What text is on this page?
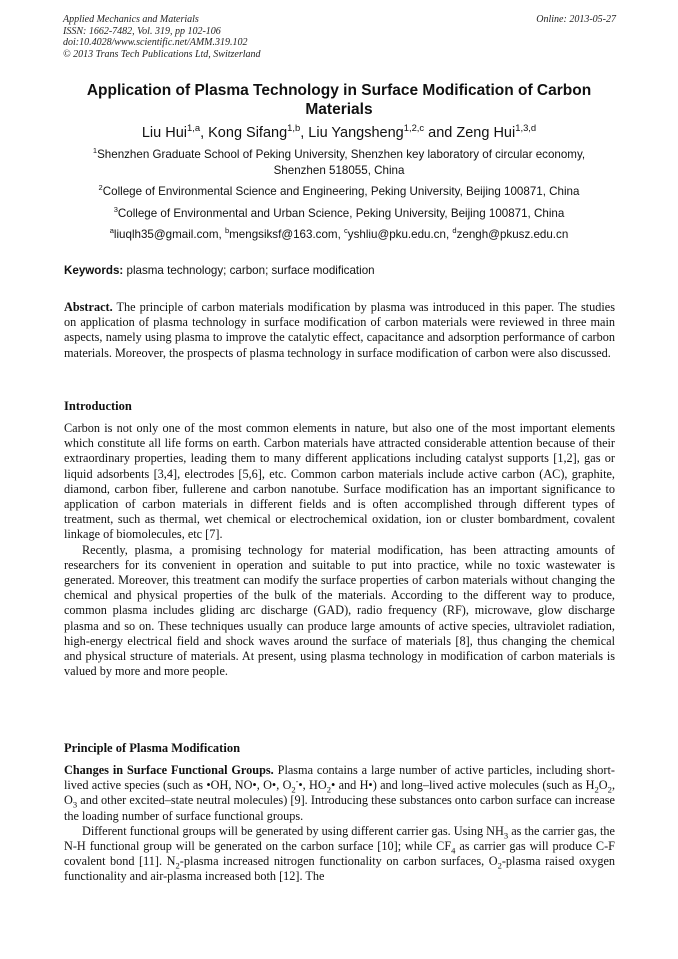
Applied Mechanics and Materials
ISSN: 1662-7482, Vol. 319, pp 102-106
doi:10.4028/www.scientific.net/AMM.319.102
© 2013 Trans Tech Publications Ltd, Switzerland
Online: 2013-05-27
Application of Plasma Technology in Surface Modification of Carbon Materials
Liu Hui$^{1,a}$, Kong Sifang$^{1,b}$, Liu Yangsheng$^{1,2,c}$ and Zeng Hui$^{1,3,d}$
$^1$Shenzhen Graduate School of Peking University, Shenzhen key laboratory of circular economy,
Shenzhen 518055, China
$^2$College of Environmental Science and Engineering, Peking University, Beijing 100871, China
$^3$College of Environmental and Urban Science, Peking University, Beijing 100871, China
$^a$liuqlh35@gmail.com, $^b$mengsiksf@163.com, $^c$yshliu@pku.edu.cn, $^d$zengh@pkusz.edu.cn
Keywords: plasma technology; carbon; surface modification

Abstract. The principle of carbon materials modification by plasma was introduced in this paper. The studies on application of plasma technology in surface modification of carbon materials were reviewed in three main aspects, namely using plasma to improve the catalytic effect, capacitance and adsorption performance of carbon materials. Moreover, the prospects of plasma technology in surface modification of carbon were also discussed.

Introduction

Carbon is not only one of the most common elements in nature, but also one of the most important elements which constitute all life forms on earth. Carbon materials have attracted considerable attention because of their extraordinary properties, leading them to many different applications including catalyst supports [1,2], gas or liquid adsorbents [3,4], electrodes [5,6], etc. Common carbon materials include active carbon (AC), graphite, diamond, carbon fiber, fullerene and carbon nanotube. Surface modification has an important significance to application of carbon materials in different fields and is often accomplished through different types of treatment, such as thermal, wet chemical or electrochemical oxidation, ion or cluster bombardment, covalent linkage of biomolecules, etc [7].

Recently, plasma, a promising technology for material modification, has been attracting amounts of researchers for its convenient in operation and suitable to put into practice, while no toxic wastewater is generated. Moreover, this treatment can modify the surface properties of carbon materials without changing the chemical and physical properties of the bulk of the materials. According to the different way to produce, common plasma includes gliding arc discharge (GAD), radio frequency (RF), microwave, glow discharge plasma and so on. These techniques usually can produce large amounts of active species, ultraviolet radiation, high-energy electrical field and shock waves around the surface of materials [8], thus changing the chemical and physical structure of materials. At present, using plasma technology in modification of carbon materials is valued by more and more people.

Principle of Plasma Modification

Changes in Surface Functional Groups. Plasma contains a large number of active particles, including short-lived active species (such as •OH, NO•, O•, $O_2^-•$, $HO_2•$ and H•) and long–lived active molecules (such as $H_2O_2$, $O_3$ and other excited–state neutral molecules) [9]. Introducing these substances onto carbon surface can increase the loading number of surface functional groups.

Different functional groups will be generated by using different carrier gas. Using $NH_3$ as the carrier gas, the N-H functional group will be generated on the carbon surface [10]; while $CF_4$ as carrier gas will produce C-F covalent bond [11]. $N_2$-plasma increased nitrogen functionality on carbon surfaces, $O_2$-plasma raised oxygen functionality and air-plasma increased both [12]. The
